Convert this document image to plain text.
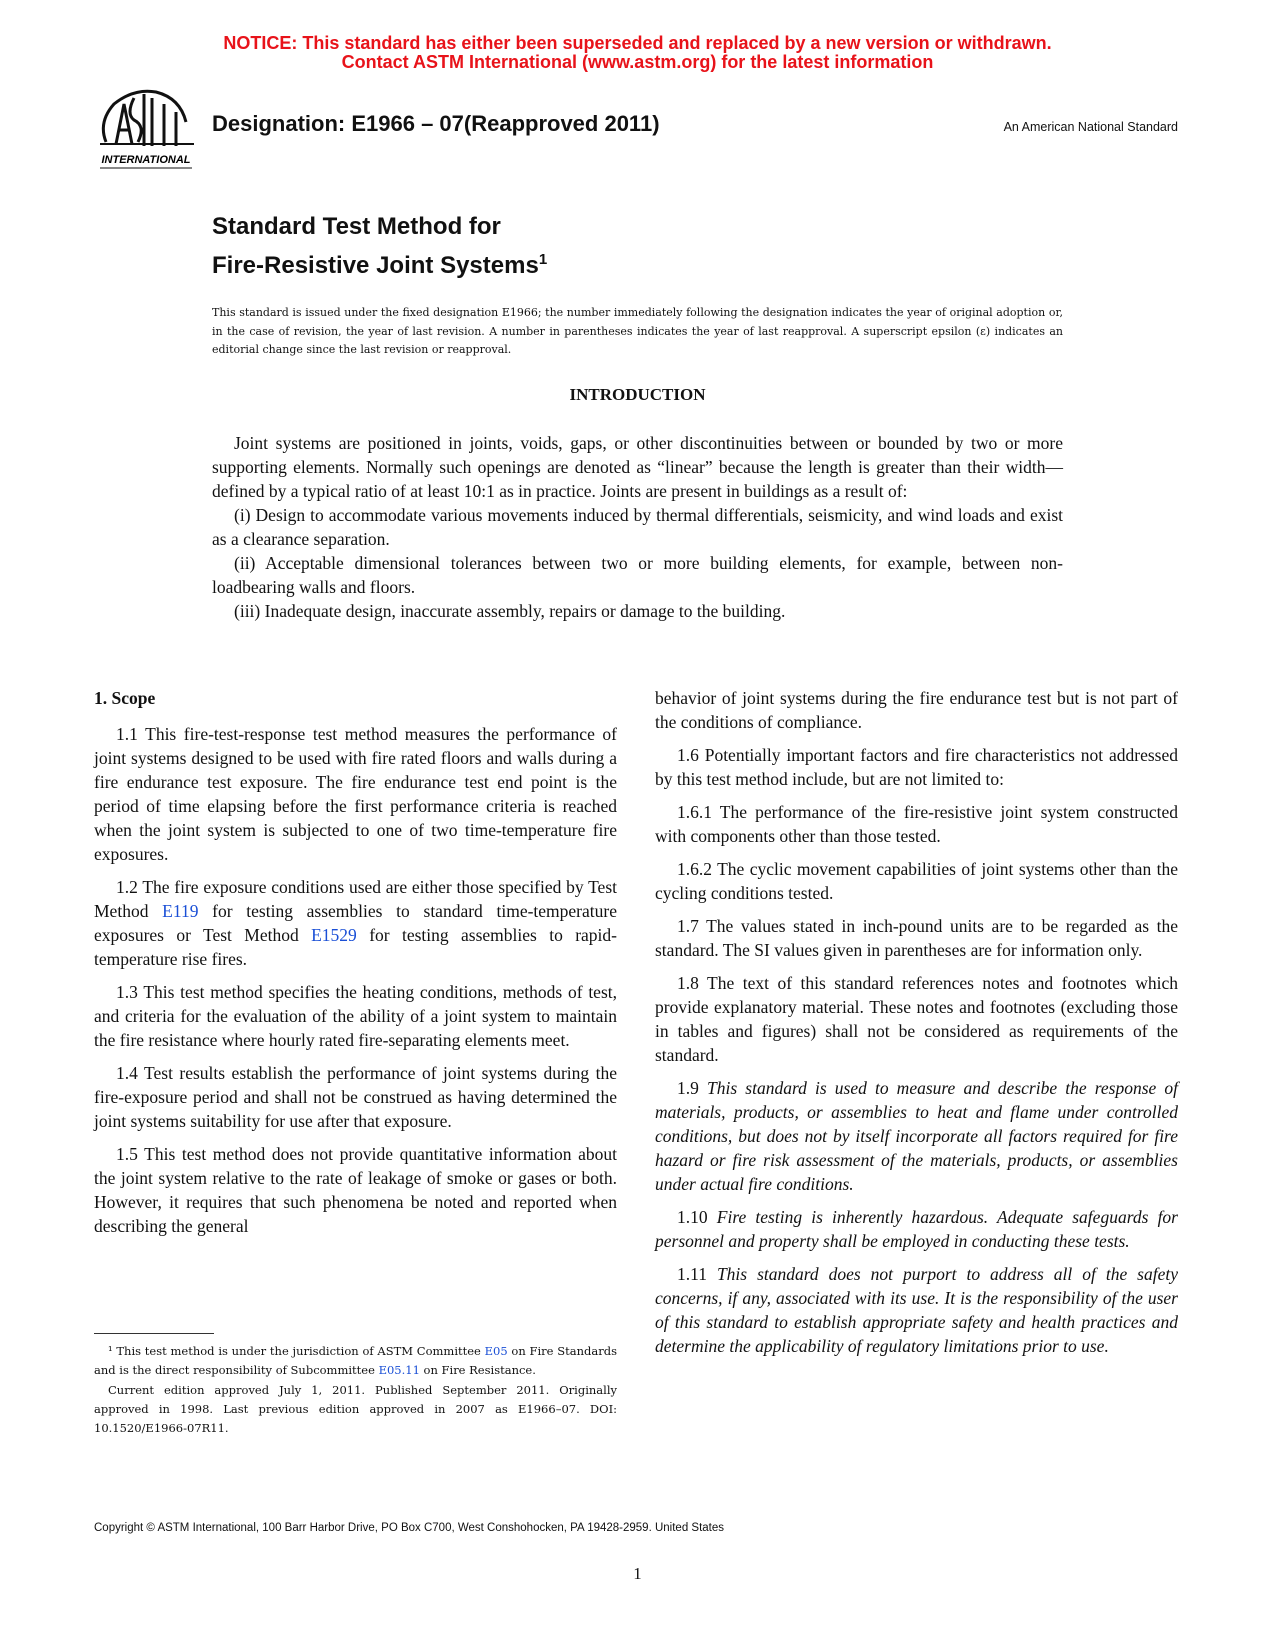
NOTICE: This standard has either been superseded and replaced by a new version or withdrawn.
Contact ASTM International (www.astm.org) for the latest information
INTERNATIONAL
Designation: E1966 – 07(Reapproved 2011)	An American National Standard
Standard Test Method for
Fire-Resistive Joint Systems$^1$
This standard is issued under the fixed designation E1966; the number immediately following the designation indicates the year of original adoption or, in the case of revision, the year of last revision. A number in parentheses indicates the year of last reapproval. A superscript epsilon (ε) indicates an editorial change since the last revision or reapproval.
INTRODUCTION

Joint systems are positioned in joints, voids, gaps, or other discontinuities between or bounded by two or more supporting elements. Normally such openings are denoted as “linear” because the length is greater than their width—defined by a typical ratio of at least 10:1 as in practice. Joints are present in buildings as a result of:

(i) Design to accommodate various movements induced by thermal differentials, seismicity, and wind loads and exist as a clearance separation.

(ii) Acceptable dimensional tolerances between two or more building elements, for example, between non-loadbearing walls and floors.

(iii) Inadequate design, inaccurate assembly, repairs or damage to the building.

1. Scope

1.1 This fire-test-response test method measures the performance of joint systems designed to be used with fire rated floors and walls during a fire endurance test exposure. The fire endurance test end point is the period of time elapsing before the first performance criteria is reached when the joint system is subjected to one of two time-temperature fire exposures.

1.2 The fire exposure conditions used are either those specified by Test Method E119 for testing assemblies to standard time-temperature exposures or Test Method E1529 for testing assemblies to rapid-temperature rise fires.

1.3 This test method specifies the heating conditions, methods of test, and criteria for the evaluation of the ability of a joint system to maintain the fire resistance where hourly rated fire-separating elements meet.

1.4 Test results establish the performance of joint systems during the fire-exposure period and shall not be construed as having determined the joint systems suitability for use after that exposure.

1.5 This test method does not provide quantitative information about the joint system relative to the rate of leakage of smoke or gases or both. However, it requires that such phenomena be noted and reported when describing the general

behavior of joint systems during the fire endurance test but is not part of the conditions of compliance.

1.6 Potentially important factors and fire characteristics not addressed by this test method include, but are not limited to:

1.6.1 The performance of the fire-resistive joint system constructed with components other than those tested.

1.6.2 The cyclic movement capabilities of joint systems other than the cycling conditions tested.

1.7 The values stated in inch-pound units are to be regarded as the standard. The SI values given in parentheses are for information only.

1.8 The text of this standard references notes and footnotes which provide explanatory material. These notes and footnotes (excluding those in tables and figures) shall not be considered as requirements of the standard.

1.9 This standard is used to measure and describe the response of materials, products, or assemblies to heat and flame under controlled conditions, but does not by itself incorporate all factors required for fire hazard or fire risk assessment of the materials, products, or assemblies under actual fire conditions.

1.10 Fire testing is inherently hazardous. Adequate safeguards for personnel and property shall be employed in conducting these tests.

1.11 This standard does not purport to address all of the safety concerns, if any, associated with its use. It is the responsibility of the user of this standard to establish appropriate safety and health practices and determine the applicability of regulatory limitations prior to use.

¹ This test method is under the jurisdiction of ASTM Committee E05 on Fire Standards and is the direct responsibility of Subcommittee E05.11 on Fire Resistance.

Current edition approved July 1, 2011. Published September 2011. Originally approved in 1998. Last previous edition approved in 2007 as E1966–07. DOI: 10.1520/E1966-07R11.

Copyright © ASTM International, 100 Barr Harbor Drive, PO Box C700, West Conshohocken, PA 19428-2959. United States
1
